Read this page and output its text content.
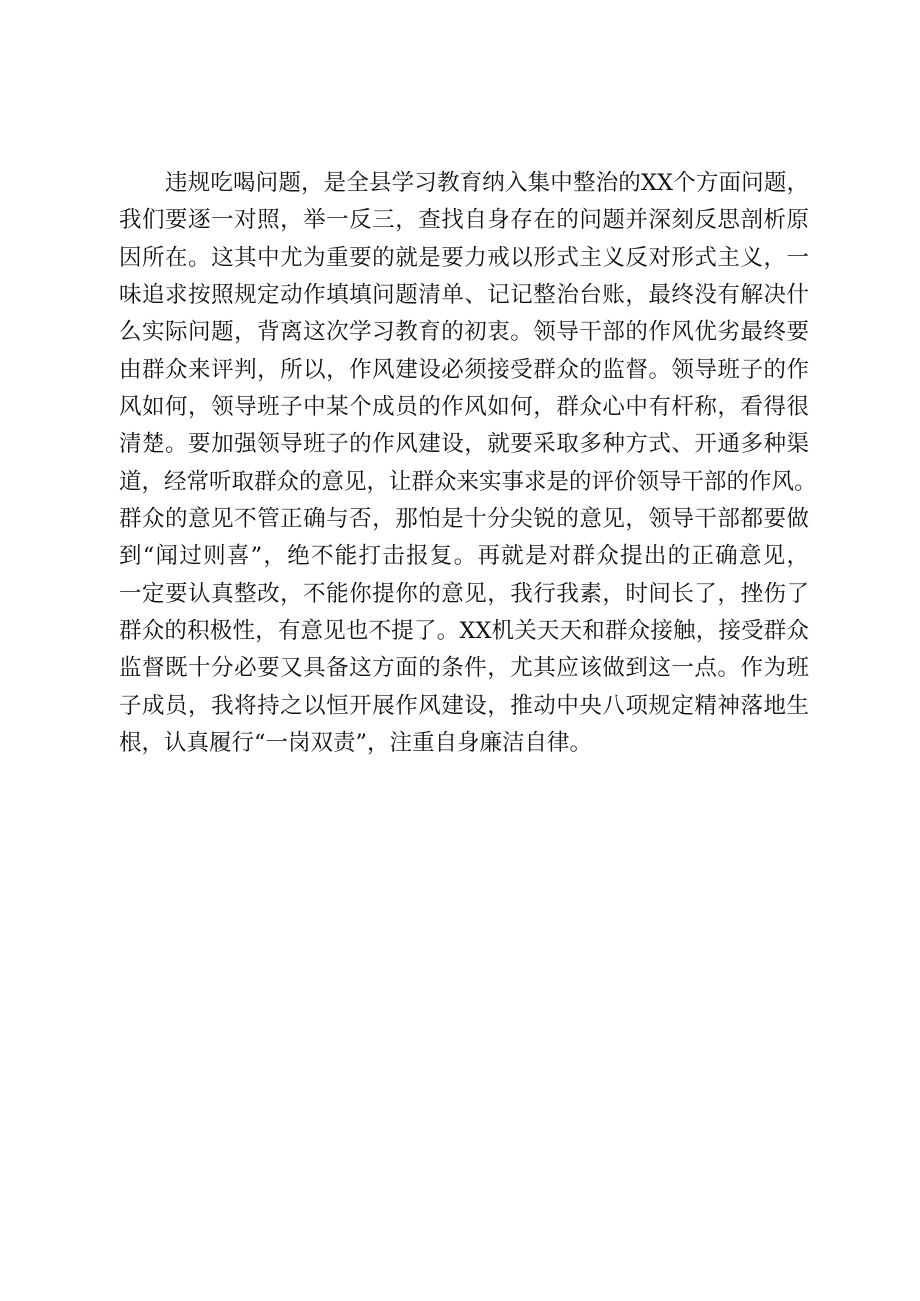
违规吃喝问题，是全县学习教育纳入集中整治的XX个方面问题，
我们要逐一对照，举一反三，查找自身存在的问题并深刻反思剖析原
因所在。这其中尤为重要的就是要力戒以形式主义反对形式主义，一
味追求按照规定动作填填问题清单、记记整治台账，最终没有解决什
么实际问题，背离这次学习教育的初衷。领导干部的作风优劣最终要
由群众来评判，所以，作风建设必须接受群众的监督。领导班子的作
风如何，领导班子中某个成员的作风如何，群众心中有杆称，看得很
清楚。要加强领导班子的作风建设，就要采取多种方式、开通多种渠
道，经常听取群众的意见，让群众来实事求是的评价领导干部的作风。
群众的意见不管正确与否，那怕是十分尖锐的意见，领导干部都要做
到“闻过则喜”，绝不能打击报复。再就是对群众提出的正确意见，
一定要认真整改，不能你提你的意见，我行我素，时间长了，挫伤了
群众的积极性，有意见也不提了。XX机关天天和群众接触，接受群众
监督既十分必要又具备这方面的条件，尤其应该做到这一点。作为班
子成员，我将持之以恒开展作风建设，推动中央八项规定精神落地生
根，认真履行“一岗双责”，注重自身廉洁自律。
